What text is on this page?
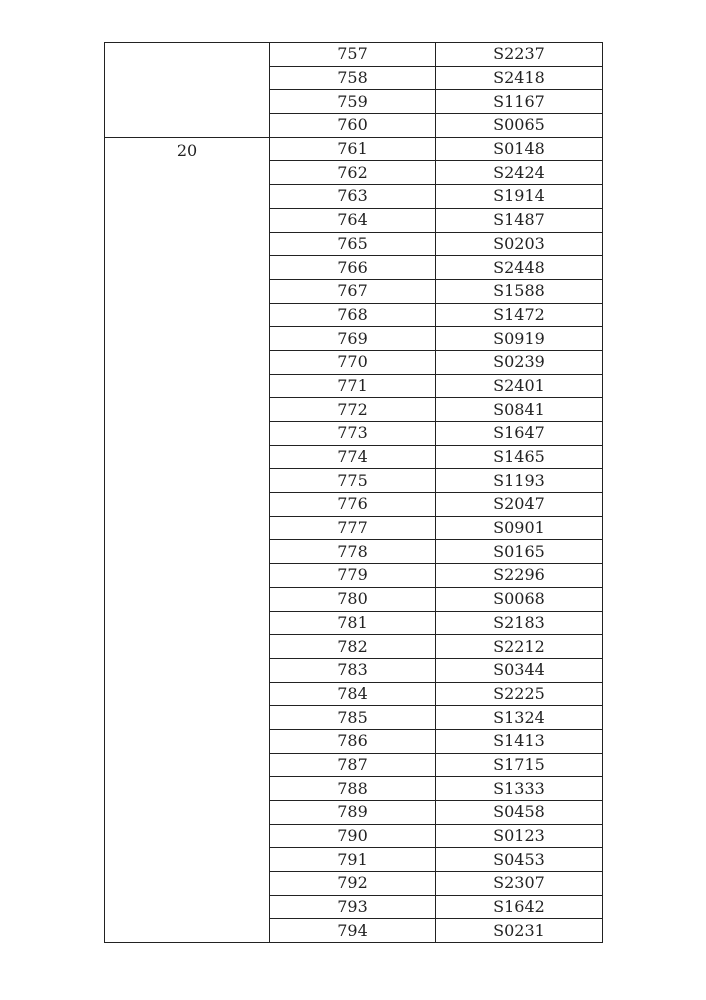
	757	S2237
	758	S2418
	759	S1167
	760	S0065
20	761	S0148
	762	S2424
	763	S1914
	764	S1487
	765	S0203
	766	S2448
	767	S1588
	768	S1472
	769	S0919
	770	S0239
	771	S2401
	772	S0841
	773	S1647
	774	S1465
	775	S1193
	776	S2047
	777	S0901
	778	S0165
	779	S2296
	780	S0068
	781	S2183
	782	S2212
	783	S0344
	784	S2225
	785	S1324
	786	S1413
	787	S1715
	788	S1333
	789	S0458
	790	S0123
	791	S0453
	792	S2307
	793	S1642
	794	S0231
